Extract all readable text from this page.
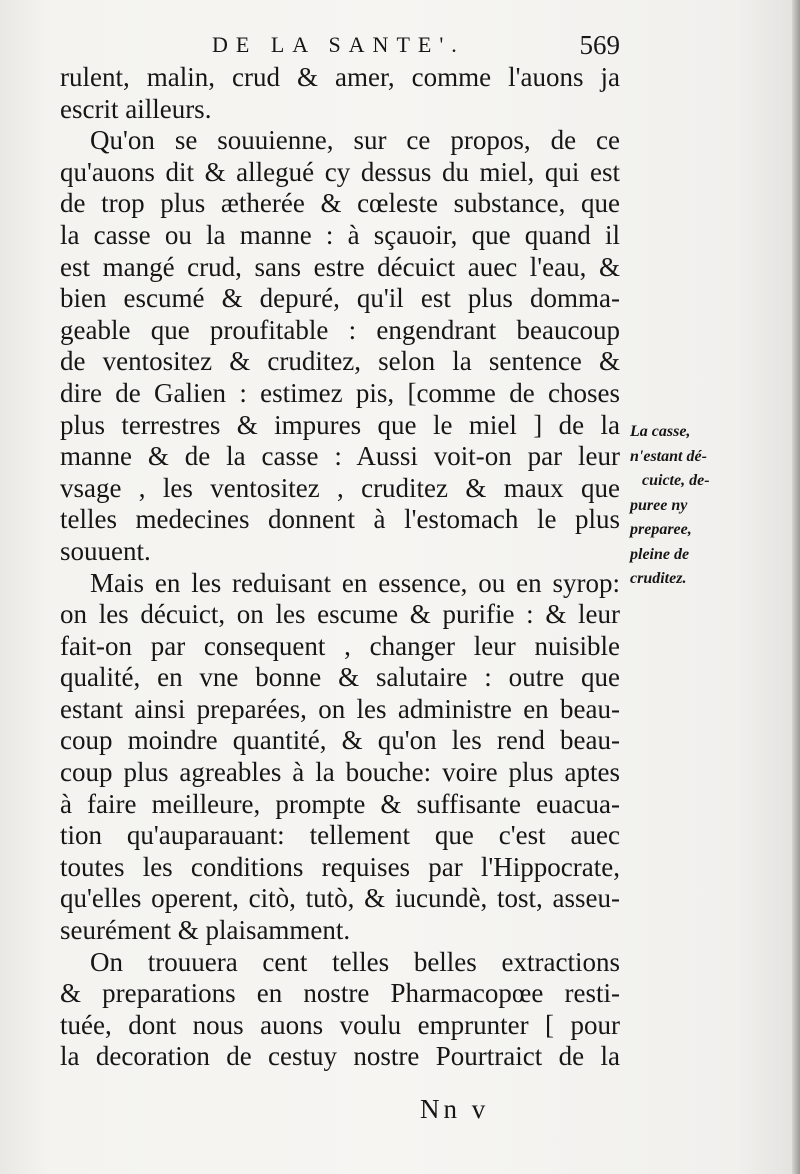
DE LA SANTE'.	569
rulent, malin, crud & amer, comme l'auons ja
escrit ailleurs.
Qu'on se souuienne, sur ce propos, de ce
qu'auons dit & allegué cy dessus du miel, qui est
de trop plus ætherée & cœleste substance, que
la casse ou la manne : à sçauoir, que quand il
est mangé crud, sans estre décuict auec l'eau, &
bien escumé & depuré, qu'il est plus domma-
geable que proufitable : engendrant beaucoup
de ventositez & cruditez, selon la sentence &
dire de Galien : estimez pis, [comme de choses
plus terrestres & impures que le miel ] de la
manne & de la casse : Aussi voit-on par leur
vsage , les ventositez , cruditez & maux que
telles medecines donnent à l'estomach le plus
souuent.
Mais en les reduisant en essence, ou en syrop:
on les décuict, on les escume & purifie : & leur
fait-on par consequent , changer leur nuisible
qualité, en vne bonne & salutaire : outre que
estant ainsi preparées, on les administre en beau-
coup moindre quantité, & qu'on les rend beau-
coup plus agreables à la bouche: voire plus aptes
à faire meilleure, prompte & suffisante euacua-
tion qu'auparauant: tellement que c'est auec
toutes les conditions requises par l'Hippocrate,
qu'elles operent, citò, tutò, & iucundè, tost, asseu-
seurément & plaisamment.
On trouuera cent telles belles extractions
& preparations en nostre Pharmacopœe resti-
tuée, dont nous auons voulu emprunter [ pour
la decoration de cestuy nostre Pourtraict de la
La casse,
n'estant dé-
cuicte, de-
puree ny
preparee,
pleine de
cruditez.
Nn v
